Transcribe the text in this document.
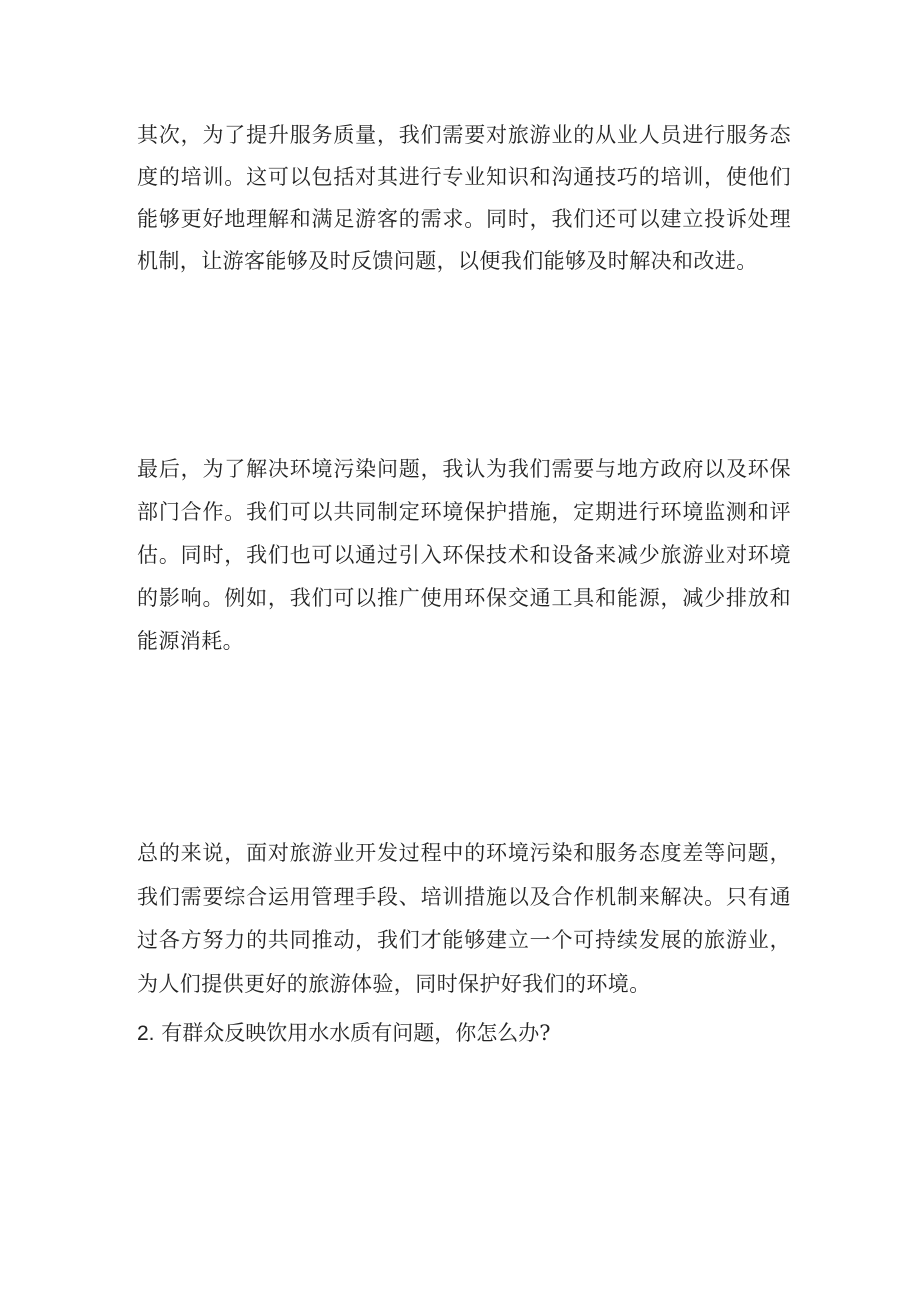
其次，为了提升服务质量，我们需要对旅游业的从业人员进行服务态度的培训。这可以包括对其进行专业知识和沟通技巧的培训，使他们能够更好地理解和满足游客的需求。同时，我们还可以建立投诉处理机制，让游客能够及时反馈问题，以便我们能够及时解决和改进。

最后，为了解决环境污染问题，我认为我们需要与地方政府以及环保部门合作。我们可以共同制定环境保护措施，定期进行环境监测和评估。同时，我们也可以通过引入环保技术和设备来减少旅游业对环境的影响。例如，我们可以推广使用环保交通工具和能源，减少排放和能源消耗。

总的来说，面对旅游业开发过程中的环境污染和服务态度差等问题，我们需要综合运用管理手段、培训措施以及合作机制来解决。只有通过各方努力的共同推动，我们才能够建立一个可持续发展的旅游业，为人们提供更好的旅游体验，同时保护好我们的环境。

2. 有群众反映饮用水水质有问题，你怎么办?
